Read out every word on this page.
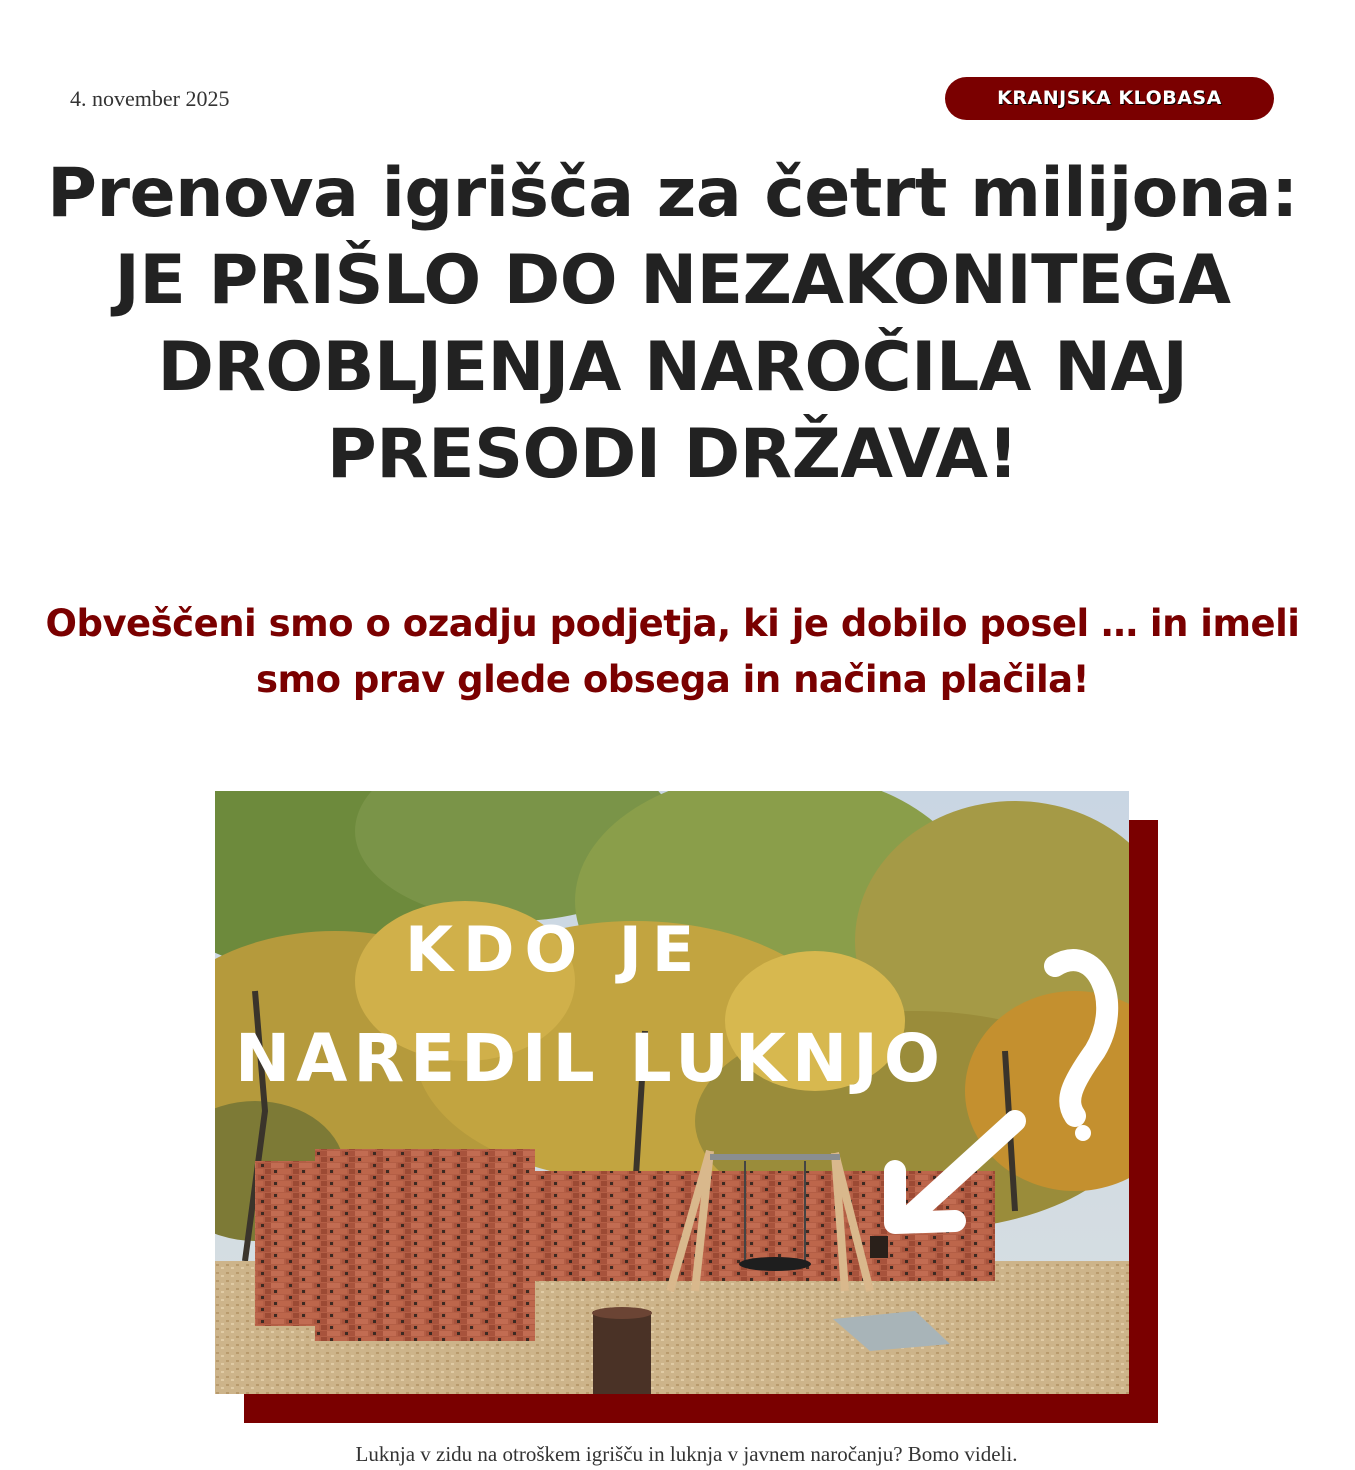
4. november 2025	KRANJSKA KLOBASA
Prenova igrišča za četrt milijona: JE PRIŠLO DO NEZAKONITEGA DROBLJENJA NAROČILA NAJ PRESODI DRŽAVA!
Obveščeni smo o ozadju podjetja, ki je dobilo posel … in imeli smo prav glede obsega in načina plačila!
KDO JE
NAREDIL LUKNJO
Luknja v zidu na otroškem igrišču in luknja v javnem naročanju? Bomo videli.
